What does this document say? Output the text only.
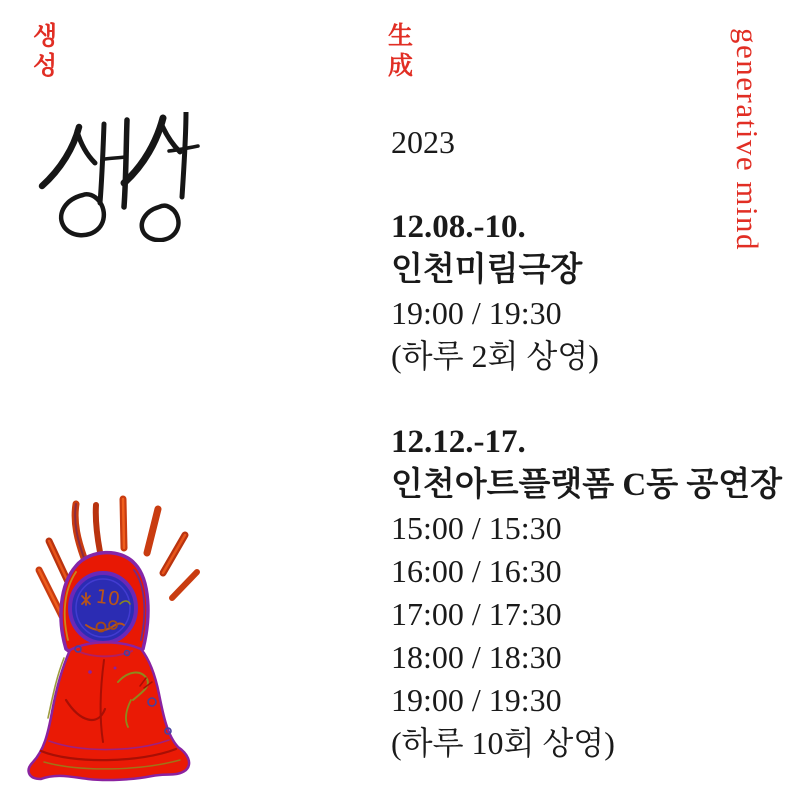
생
성
生
成	generative mind
2023
12.08.-10.
인천미림극장
19:00 / 19:30
(하루 2회 상영)
12.12.-17.
인천아트플랫폼 C동 공연장
15:00 / 15:30
16:00 / 16:30
17:00 / 17:30
18:00 / 18:30
19:00 / 19:30
(하루 10회 상영)
10
